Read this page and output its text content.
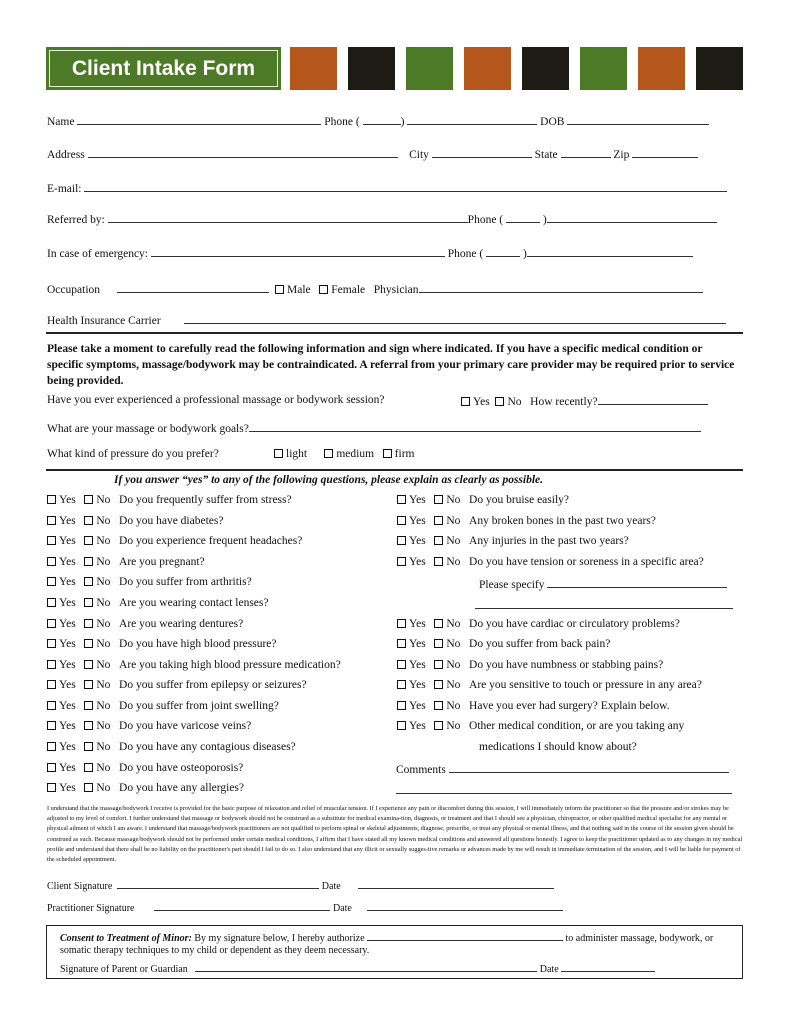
Client Intake Form
Name	Phone (	)	DOB
Address	City	State	Zip
E-mail:
Referred by:	Phone (	)
In case of emergency:	Phone (	)
Occupation	Male Female Physician
Health Insurance Carrier
Please take a moment to carefully read the following information and sign where indicated. If you have a specific medical condition or specific symptoms, massage/bodywork may be contraindicated. A referral from your primary care provider may be required prior to service being provided.
Have you ever experienced a professional massage or bodywork session?	Yes No How recently?
What are your massage or bodywork goals?
What kind of pressure do you prefer?	light	medium firm
If you answer “yes” to any of the following questions, please explain as clearly as possible.
Yes No Do you frequently suffer from stress?
Yes No Do you have diabetes?
Yes No Do you experience frequent headaches?
Yes No Are you pregnant?
Yes No Do you suffer from arthritis?
Yes No Are you wearing contact lenses?
Yes No Are you wearing dentures?
Yes No Do you have high blood pressure?
Yes No Are you taking high blood pressure medication?
Yes No Do you suffer from epilepsy or seizures?
Yes No Do you suffer from joint swelling?
Yes No Do you have varicose veins?
Yes No Do you have any contagious diseases?
Yes No Do you have osteoporosis?
Yes No Do you have any allergies?
Yes No Do you bruise easily?
Yes No Any broken bones in the past two years?
Yes No Any injuries in the past two years?
Yes No Do you have tension or soreness in a specific area?
Yes No Do you have cardiac or circulatory problems?
Yes No Do you suffer from back pain?
Yes No Do you have numbness or stabbing pains?
Yes No Are you sensitive to touch or pressure in any area?
Yes No Have you ever had surgery? Explain below.
Yes No Other medical condition, or are you taking any
Please specify
medications I should know about?
Comments
I understand that the massage/bodywork I receive is provided for the basic purpose of relaxation and relief of muscular tension. If I experience any pain or discomfort during this session, I will immediately inform the practitioner so that the pressure and/or strokes may be adjusted to my level of comfort. I further understand that massage or bodywork should not be construed as a substitute for medical examina-tion, diagnosis, or treatment and that I should see a physician, chiropractor, or other qualified medical specialist for any mental or physical ailment of which I am aware. I understand that massage/bodywork practitioners are not qualified to perform spinal or skeletal adjustments, diagnose, prescribe, or treat any physical or mental illness, and that nothing said in the course of the session given should be construed as such. Because massage/bodywork should not be performed under certain medical conditions, I affirm that I have stated all my known medical conditions and answered all questions honestly. I agree to keep the practitioner updated as to any changes in my medical profile and understand that there shall be no liability on the practitioner's part should I fail to do so. I also understand that any illicit or sexually sugges-tive remarks or advances made by me will result in immediate termination of the session, and I will be liable for payment of the scheduled appointment.
Client Signature	Date
Practitioner Signature	Date
Consent to Treatment of Minor: By my signature below, I hereby authorize	to administer massage, bodywork, or
somatic therapy techniques to my child or dependent as they deem necessary.
Signature of Parent or Guardian	Date
